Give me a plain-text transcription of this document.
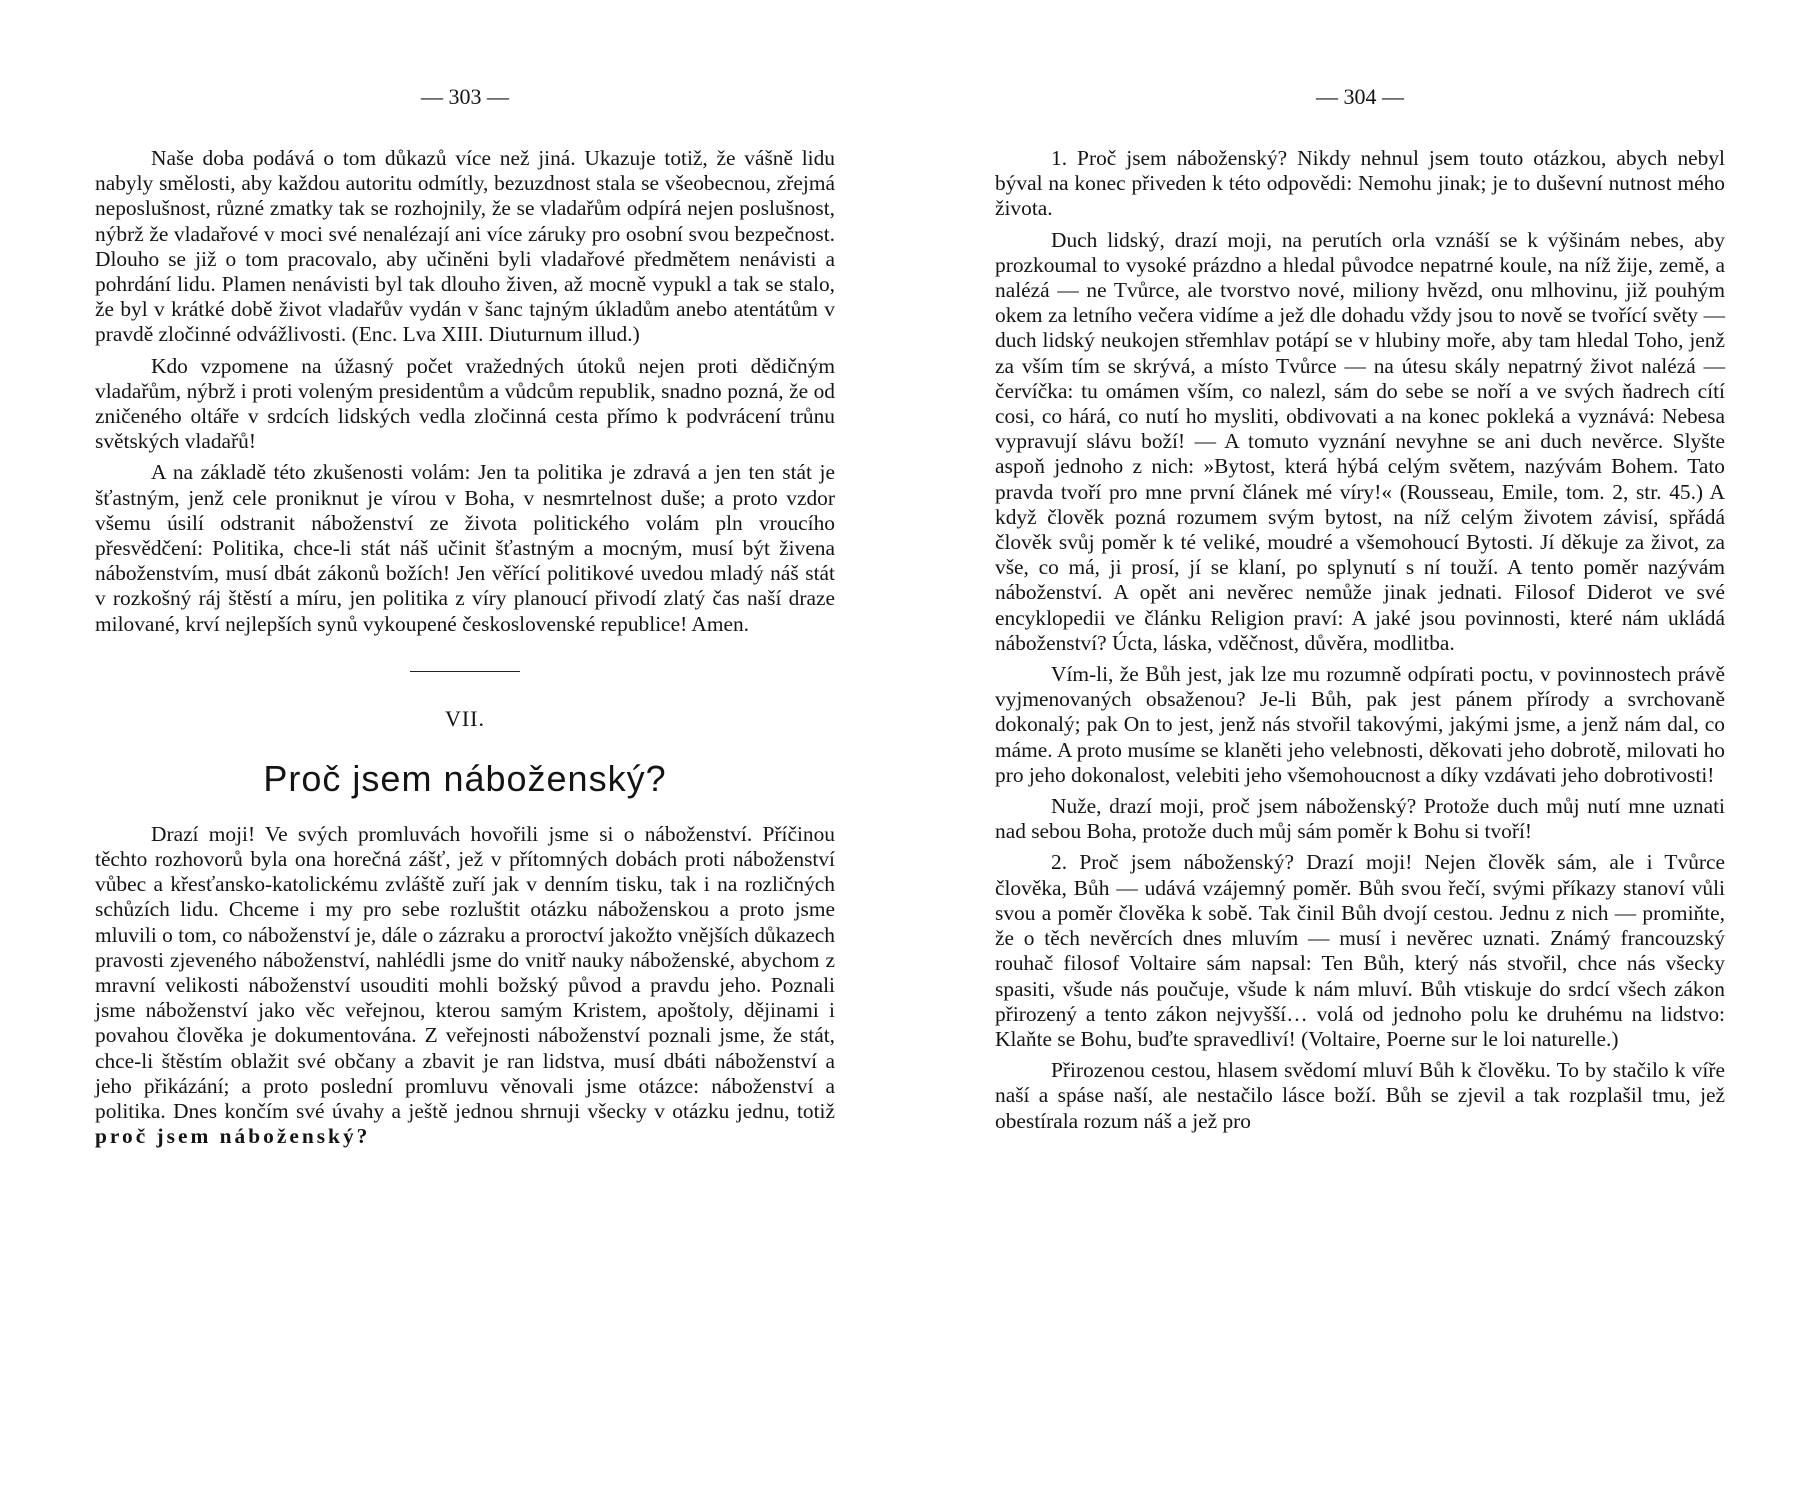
— 303 —

Naše doba podává o tom důkazů více než jiná. Ukazuje totiž, že vášně lidu nabyly smělosti, aby každou autoritu odmítly, bezuzdnost stala se všeobecnou, zřejmá neposlušnost, různé zmatky tak se rozhojnily, že se vladařům odpírá nejen poslušnost, nýbrž že vladařové v moci své nenalézají ani více záruky pro osobní svou bezpečnost. Dlouho se již o tom pracovalo, aby učiněni byli vladařové předmětem nenávisti a pohrdání lidu. Plamen nenávisti byl tak dlouho živen, až mocně vypukl a tak se stalo, že byl v krátké době život vladařův vydán v šanc tajným úkladům anebo atentátům v pravdě zločinné odvážlivosti. (Enc. Lva XIII. Diuturnum illud.)

Kdo vzpomene na úžasný počet vražedných útoků nejen proti dědičným vladařům, nýbrž i proti voleným presidentům a vůdcům republik, snadno pozná, že od zničeného oltáře v srdcích lidských vedla zločinná cesta přímo k podvrácení trůnu světských vladařů!

A na základě této zkušenosti volám: Jen ta politika je zdravá a jen ten stát je šťastným, jenž cele proniknut je vírou v Boha, v nesmrtelnost duše; a proto vzdor všemu úsilí odstranit náboženství ze života politického volám pln vroucího přesvědčení: Politika, chce-li stát náš učinit šťastným a mocným, musí být živena náboženstvím, musí dbát zákonů božích! Jen věřící politikové uvedou mladý náš stát v rozkošný ráj štěstí a míru, jen politika z víry planoucí přivodí zlatý čas naší draze milované, krví nejlepších synů vykoupené československé republice! Amen.

VII.
Proč jsem náboženský?

Drazí moji! Ve svých promluvách hovořili jsme si o náboženství. Příčinou těchto rozhovorů byla ona horečná zášť, jež v přítomných dobách proti náboženství vůbec a křesťansko-katolickému zvláště zuří jak v denním tisku, tak i na rozličných schůzích lidu. Chceme i my pro sebe rozluštit otázku náboženskou a proto jsme mluvili o tom, co náboženství je, dále o zázraku a proroctví jakožto vnějších důkazech pravosti zjeveného náboženství, nahlédli jsme do vnitř nauky náboženské, abychom z mravní velikosti náboženství usouditi mohli božský původ a pravdu jeho. Poznali jsme náboženství jako věc veřejnou, kterou samým Kristem, apoštoly, dějinami i povahou člověka je dokumentována. Z veřejnosti náboženství poznali jsme, že stát, chce-li štěstím oblažit své občany a zbavit je ran lidstva, musí dbáti náboženství a jeho přikázání; a proto poslední promluvu věnovali jsme otázce: náboženství a politika. Dnes končím své úvahy a ještě jednou shrnuji všecky v otázku jednu, totiž proč jsem náboženský?

— 304 —

1. Proč jsem náboženský? Nikdy nehnul jsem touto otázkou, abych nebyl býval na konec přiveden k této odpovědi: Nemohu jinak; je to duševní nutnost mého života.

Duch lidský, drazí moji, na perutích orla vznáší se k výšinám nebes, aby prozkoumal to vysoké prázdno a hledal původce nepatrné koule, na níž žije, země, a nalézá — ne Tvůrce, ale tvorstvo nové, miliony hvězd, onu mlhovinu, již pouhým okem za letního večera vidíme a jež dle dohadu vždy jsou to nově se tvořící světy — duch lidský neukojen střemhlav potápí se v hlubiny moře, aby tam hledal Toho, jenž za vším tím se skrývá, a místo Tvůrce — na útesu skály nepatrný život nalézá — červíčka: tu omámen vším, co nalezl, sám do sebe se noří a ve svých ňadrech cítí cosi, co hárá, co nutí ho mysliti, obdivovati a na konec pokleká a vyznává: Nebesa vypravují slávu boží! — A tomuto vyznání nevyhne se ani duch nevěrce. Slyšte aspoň jednoho z nich: »Bytost, která hýbá celým světem, nazývám Bohem. Tato pravda tvoří pro mne první článek mé víry!« (Rousseau, Emile, tom. 2, str. 45.) A když člověk pozná rozumem svým bytost, na níž celým životem závisí, spřádá člověk svůj poměr k té veliké, moudré a všemohoucí Bytosti. Jí děkuje za život, za vše, co má, ji prosí, jí se klaní, po splynutí s ní touží. A tento poměr nazývám náboženství. A opět ani nevěrec nemůže jinak jednati. Filosof Diderot ve své encyklopedii ve článku Religion praví: A jaké jsou povinnosti, které nám ukládá náboženství? Úcta, láska, vděčnost, důvěra, modlitba.

Vím-li, že Bůh jest, jak lze mu rozumně odpírati poctu, v povinnostech právě vyjmenovaných obsaženou? Je-li Bůh, pak jest pánem přírody a svrchovaně dokonalý; pak On to jest, jenž nás stvořil takovými, jakými jsme, a jenž nám dal, co máme. A proto musíme se klaněti jeho velebnosti, děkovati jeho dobrotě, milovati ho pro jeho dokonalost, velebiti jeho všemohoucnost a díky vzdávati jeho dobrotivosti!

Nuže, drazí moji, proč jsem náboženský? Protože duch můj nutí mne uznati nad sebou Boha, protože duch můj sám poměr k Bohu si tvoří!

2. Proč jsem náboženský? Drazí moji! Nejen člověk sám, ale i Tvůrce člověka, Bůh — udává vzájemný poměr. Bůh svou řečí, svými příkazy stanoví vůli svou a poměr člověka k sobě. Tak činil Bůh dvojí cestou. Jednu z nich — promiňte, že o těch nevěrcích dnes mluvím — musí i nevěrec uznati. Známý francouzský rouhač filosof Voltaire sám napsal: Ten Bůh, který nás stvořil, chce nás všecky spasiti, všude nás poučuje, všude k nám mluví. Bůh vtiskuje do srdcí všech zákon přirozený a tento zákon nejvyšší… volá od jednoho polu ke druhému na lidstvo: Klaňte se Bohu, buďte spravedliví! (Voltaire, Poerne sur le loi naturelle.)

Přirozenou cestou, hlasem svědomí mluví Bůh k člověku. To by stačilo k víře naší a spáse naší, ale nestačilo lásce boží. Bůh se zjevil a tak rozplašil tmu, jež obestírala rozum náš a jež pro
